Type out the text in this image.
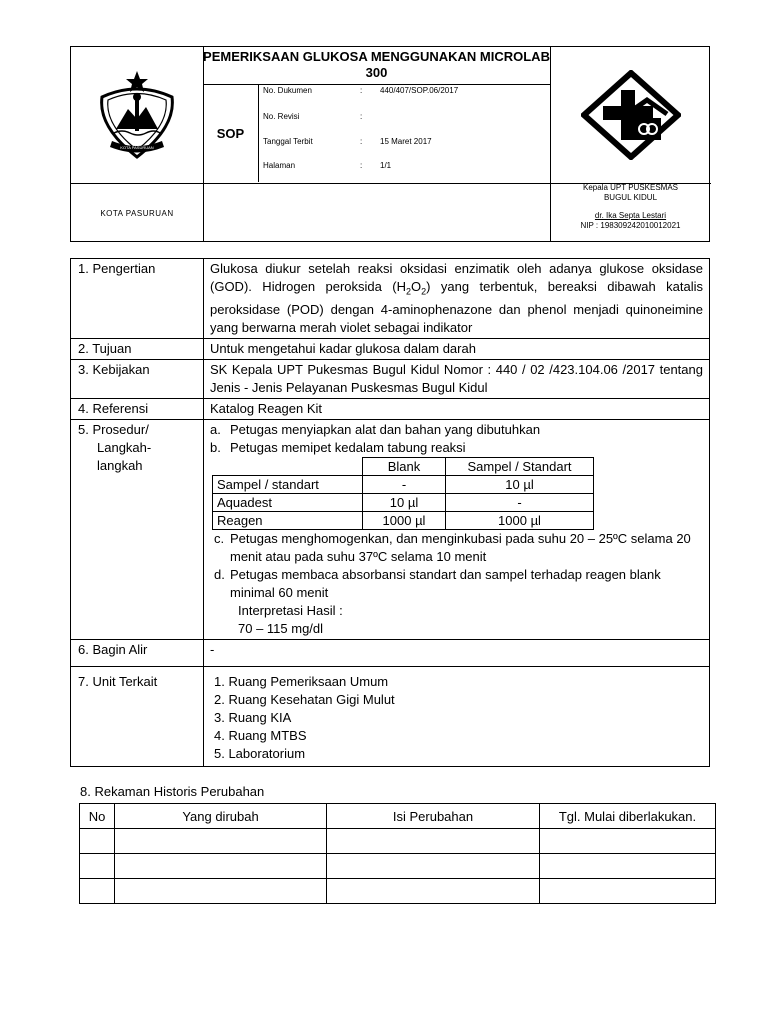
KOTA PASURUAN
PEMERIKSAAN GLUKOSA MENGGUNAKAN MICROLAB 300
SOP
No. Dukumen	: 440/407/SOP.06/2017
No. Revisi	:
Tanggal Terbit	: 15 Maret 2017
Halaman	: 1/1
KOTA PASURUAN
Kepala UPT PUSKESMAS
BUGUL KIDUL
dr. Ika Septa Lestari
NIP : 198309242010012021
1. Pengertian	Glukosa diukur setelah reaksi oksidasi enzimatik oleh adanya glukose oksidase (GOD). Hidrogen peroksida $(H_2O_2)$ yang terbentuk, bereaksi dibawah katalis peroksidase (POD) dengan 4-aminophenazone dan phenol menjadi quinoneimine yang berwarna merah violet sebagai indikator
2. Tujuan	Untuk mengetahui kadar glukosa dalam darah
3. Kebijakan	SK Kepala UPT Pukesmas Bugul Kidul Nomor : 440 / 02 /423.104.06 /2017 tentang Jenis - Jenis Pelayanan Puskesmas Bugul Kidul
4. Referensi	Katalog Reagen Kit

5. Prosedur/
Langkah-
langkah

a. Petugas menyiapkan alat dan bahan yang dibutuhkan
b. Petugas memipet kedalam tabung reaksi
	Blank	Sampel / Standart
Sampel / standart	-	10 µl
Aquadest	10 µl	-
Reagen	1000 µl	1000 µl
c. Petugas menghomogenkan, dan menginkubasi pada suhu 20 – 25ºC selama 20 menit atau pada suhu 37ºC selama 10 menit
d. Petugas membaca absorbansi standart dan sampel terhadap reagen blank minimal 60 menit
Interpretasi Hasil :
70 – 115 mg/dl

6. Bagin Alir	-
7. Unit Terkait	1. Ruang Pemeriksaan Umum
2. Ruang Kesehatan Gigi Mulut
3. Ruang KIA
4. Ruang MTBS
5. Laboratorium
8. Rekaman Historis Perubahan
No	Yang dirubah	Isi Perubahan	Tgl. Mulai diberlakukan.
